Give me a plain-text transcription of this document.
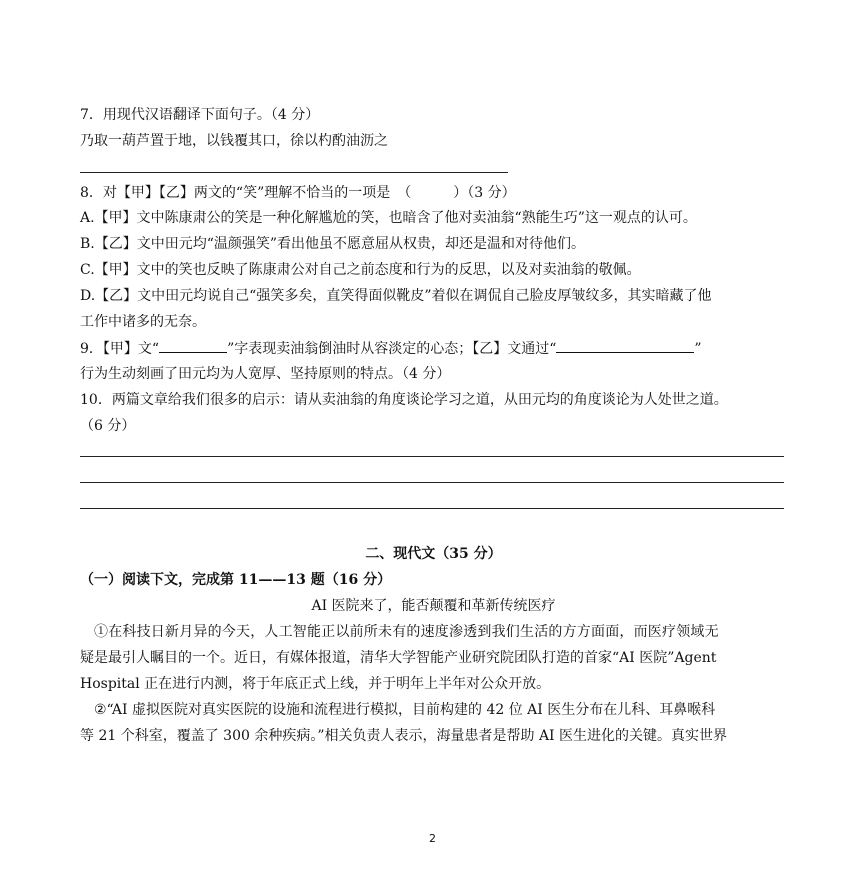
7．用现代汉语翻译下面句子。（4 分）
乃取一葫芦置于地，以钱覆其口，徐以杓酌油沥之
8．对【甲】【乙】两文的“笑”理解不恰当的一项是　（　　　）（3 分）
A.【甲】文中陈康肃公的笑是一种化解尴尬的笑，也暗含了他对卖油翁“熟能生巧”这一观点的认可。
B.【乙】文中田元均“温颜强笑”看出他虽不愿意屈从权贵，却还是温和对待他们。
C.【甲】文中的笑也反映了陈康肃公对自己之前态度和行为的反思，以及对卖油翁的敬佩。
D.【乙】文中田元均说自己“强笑多矣，直笑得面似靴皮”着似在调侃自己脸皮厚皱纹多，其实暗藏了他
工作中诸多的无奈。
9．【甲】文“	”字表现卖油翁倒油时从容淡定的心态；【乙】文通过“	”
行为生动刻画了田元均为人宽厚、坚持原则的特点。（4 分）
10．两篇文章给我们很多的启示：请从卖油翁的角度谈论学习之道，从田元均的角度谈论为人处世之道。
（6 分）
二、现代文（35 分）
（一）阅读下文，完成第 11——13 题（16 分）
AI 医院来了，能否颠覆和革新传统医疗
①在科技日新月异的今天，人工智能正以前所未有的速度渗透到我们生活的方方面面，而医疗领域无
疑是最引人瞩目的一个。近日，有媒体报道，清华大学智能产业研究院团队打造的首家“AI 医院”Agent
Hospital 正在进行内测，将于年底正式上线，并于明年上半年对公众开放。
②“AI 虚拟医院对真实医院的设施和流程进行模拟，目前构建的 42 位 AI 医生分布在儿科、耳鼻喉科
等 21 个科室，覆盖了 300 余种疾病。”相关负责人表示，海量患者是帮助 AI 医生进化的关键。真实世界
2
